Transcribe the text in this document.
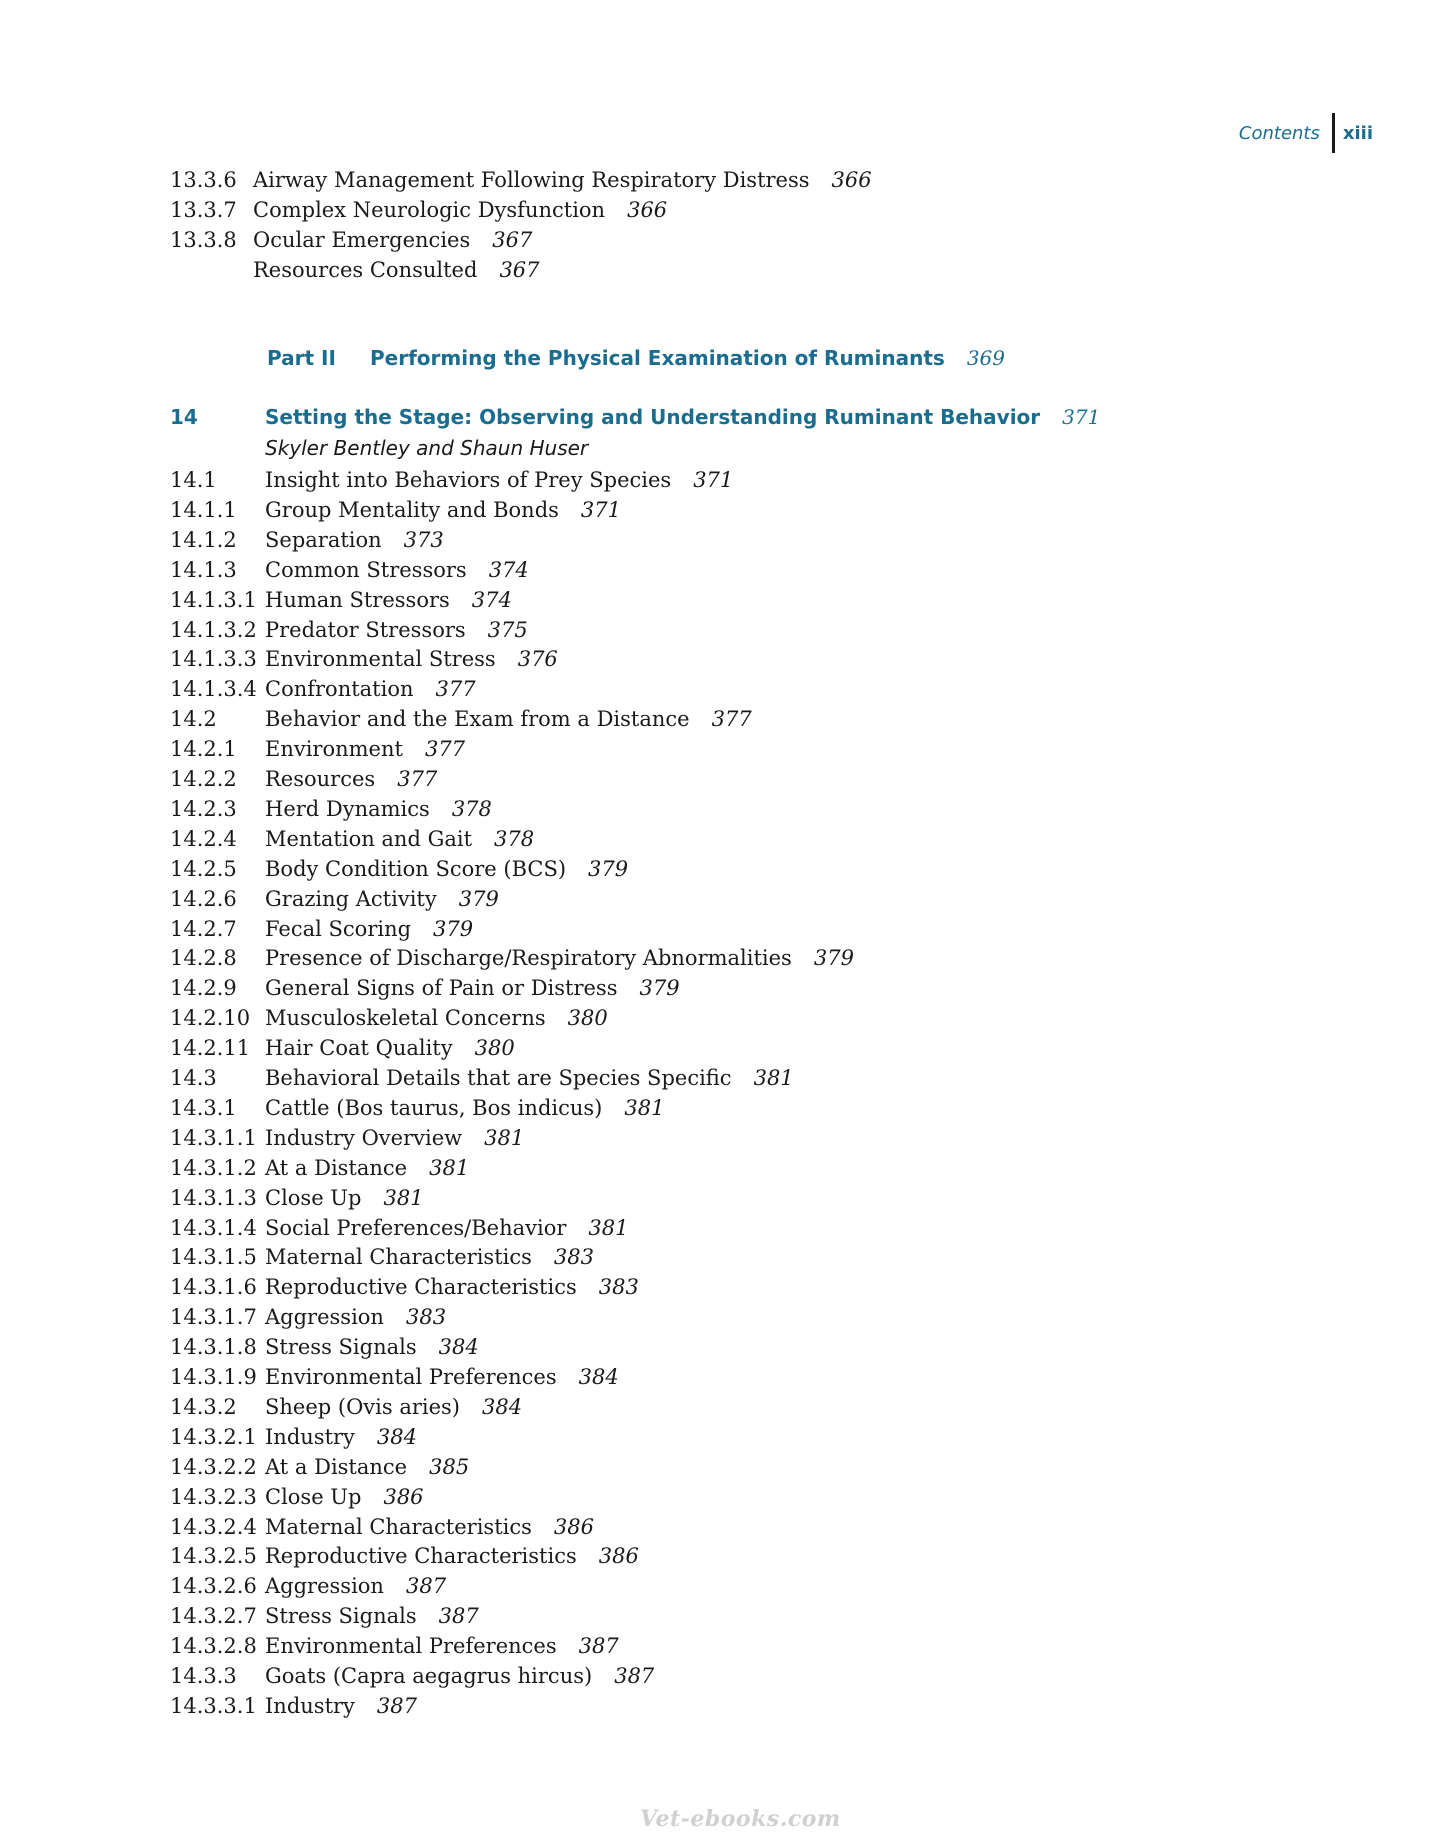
Contents xiii
13.3.6 Airway Management Following Respiratory Distress 366
13.3.7 Complex Neurologic Dysfunction 366
13.3.8 Ocular Emergencies 367
Resources Consulted 367
Part II	Performing the Physical Examination of Ruminants 369
14	Setting the Stage: Observing and Understanding Ruminant Behavior 371
Skyler Bentley and Shaun Huser
14.1	Insight into Behaviors of Prey Species 371
14.1.1	Group Mentality and Bonds 371
14.1.2	Separation 373
14.1.3	Common Stressors 374
14.1.3.1 Human Stressors 374
14.1.3.2 Predator Stressors 375
14.1.3.3 Environmental Stress 376
14.1.3.4 Confrontation 377
14.2	Behavior and the Exam from a Distance 377
14.2.1	Environment 377
14.2.2	Resources 377
14.2.3	Herd Dynamics 378
14.2.4	Mentation and Gait 378
14.2.5	Body Condition Score (BCS) 379
14.2.6	Grazing Activity 379
14.2.7	Fecal Scoring 379
14.2.8	Presence of Discharge/Respiratory Abnormalities 379
14.2.9	General Signs of Pain or Distress 379
14.2.10 Musculoskeletal Concerns 380
14.2.11 Hair Coat Quality 380
14.3	Behavioral Details that are Species Specific 381
14.3.1	Cattle (Bos taurus, Bos indicus) 381
14.3.1.1 Industry Overview 381
14.3.1.2 At a Distance 381
14.3.1.3 Close Up 381
14.3.1.4 Social Preferences/Behavior 381
14.3.1.5 Maternal Characteristics 383
14.3.1.6 Reproductive Characteristics 383
14.3.1.7 Aggression 383
14.3.1.8 Stress Signals 384
14.3.1.9 Environmental Preferences 384
14.3.2	Sheep (Ovis aries) 384
14.3.2.1 Industry 384
14.3.2.2 At a Distance 385
14.3.2.3 Close Up 386
14.3.2.4 Maternal Characteristics 386
14.3.2.5 Reproductive Characteristics 386
14.3.2.6 Aggression 387
14.3.2.7 Stress Signals 387
14.3.2.8 Environmental Preferences 387
14.3.3	Goats (Capra aegagrus hircus) 387
14.3.3.1 Industry 387
Vet-ebooks.com
